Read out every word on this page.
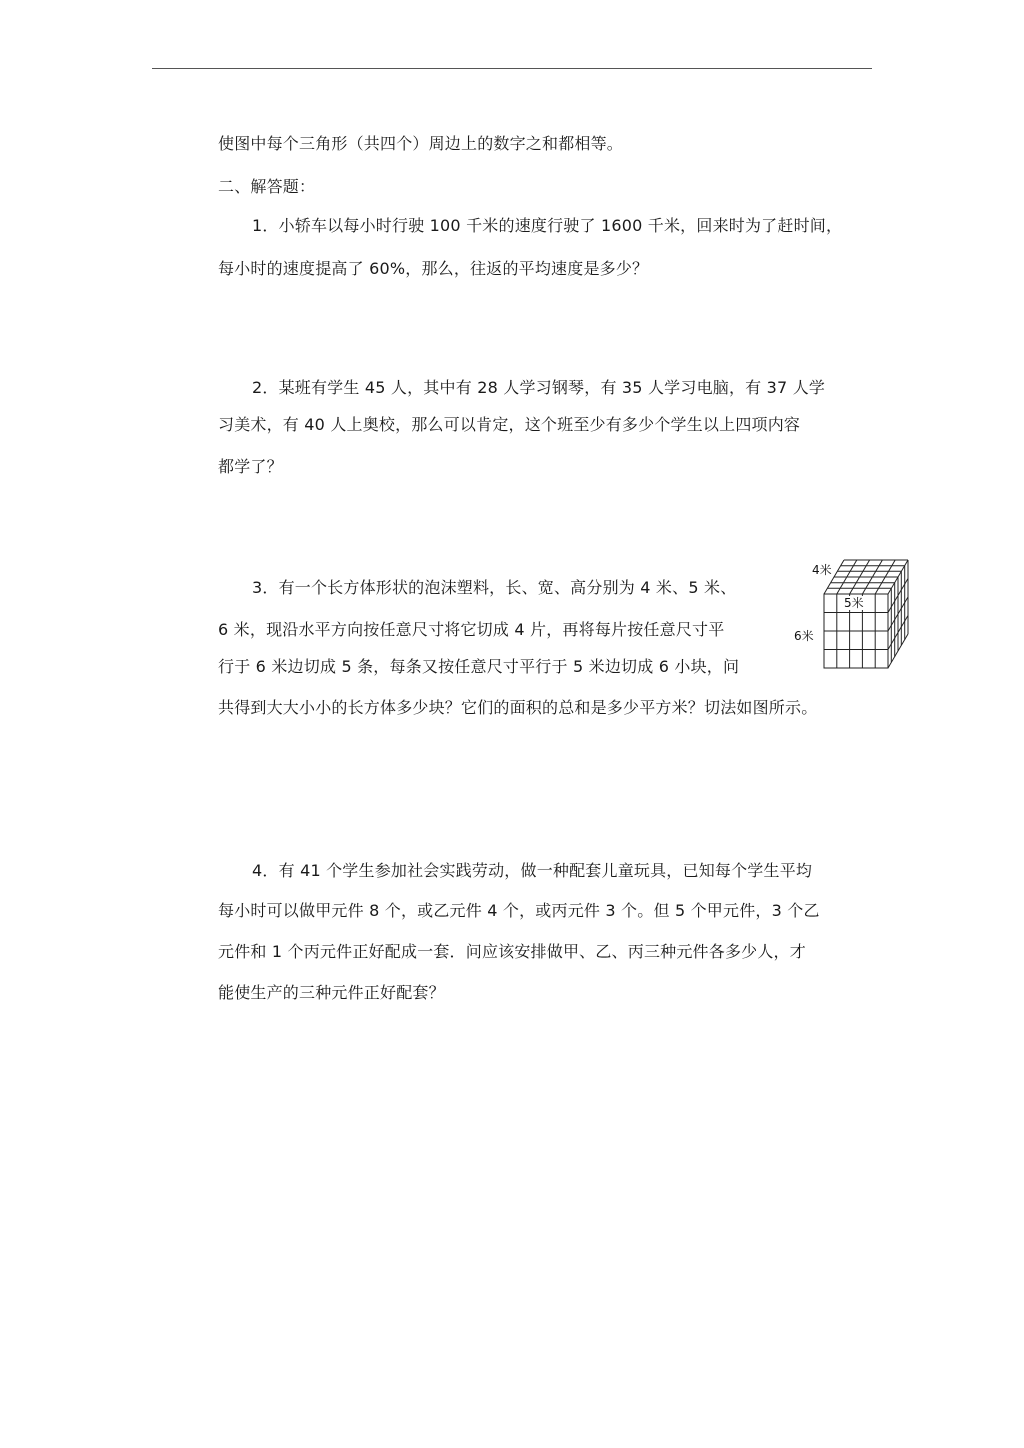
使图中每个三角形（共四个）周边上的数字之和都相等。
二、解答题：
1．小轿车以每小时行驶 100 千米的速度行驶了 1600 千米，回来时为了赶时间，
每小时的速度提高了 60%，那么，往返的平均速度是多少？
2．某班有学生 45 人，其中有 28 人学习钢琴，有 35 人学习电脑，有 37 人学
习美术，有 40 人上奥校，那么可以肯定，这个班至少有多少个学生以上四项内容
都学了？
3．有一个长方体形状的泡沫塑料，长、宽、高分别为 4 米、5 米、
6 米，现沿水平方向按任意尺寸将它切成 4 片，再将每片按任意尺寸平
行于 6 米边切成 5 条，每条又按任意尺寸平行于 5 米边切成 6 小块，问
共得到大大小小的长方体多少块？它们的面积的总和是多少平方米？切法如图所示。
4米
5米
6米
4．有 41 个学生参加社会实践劳动，做一种配套儿童玩具，已知每个学生平均
每小时可以做甲元件 8 个，或乙元件 4 个，或丙元件 3 个。但 5 个甲元件，3 个乙
元件和 1 个丙元件正好配成一套．问应该安排做甲、乙、丙三种元件各多少人，才
能使生产的三种元件正好配套？
